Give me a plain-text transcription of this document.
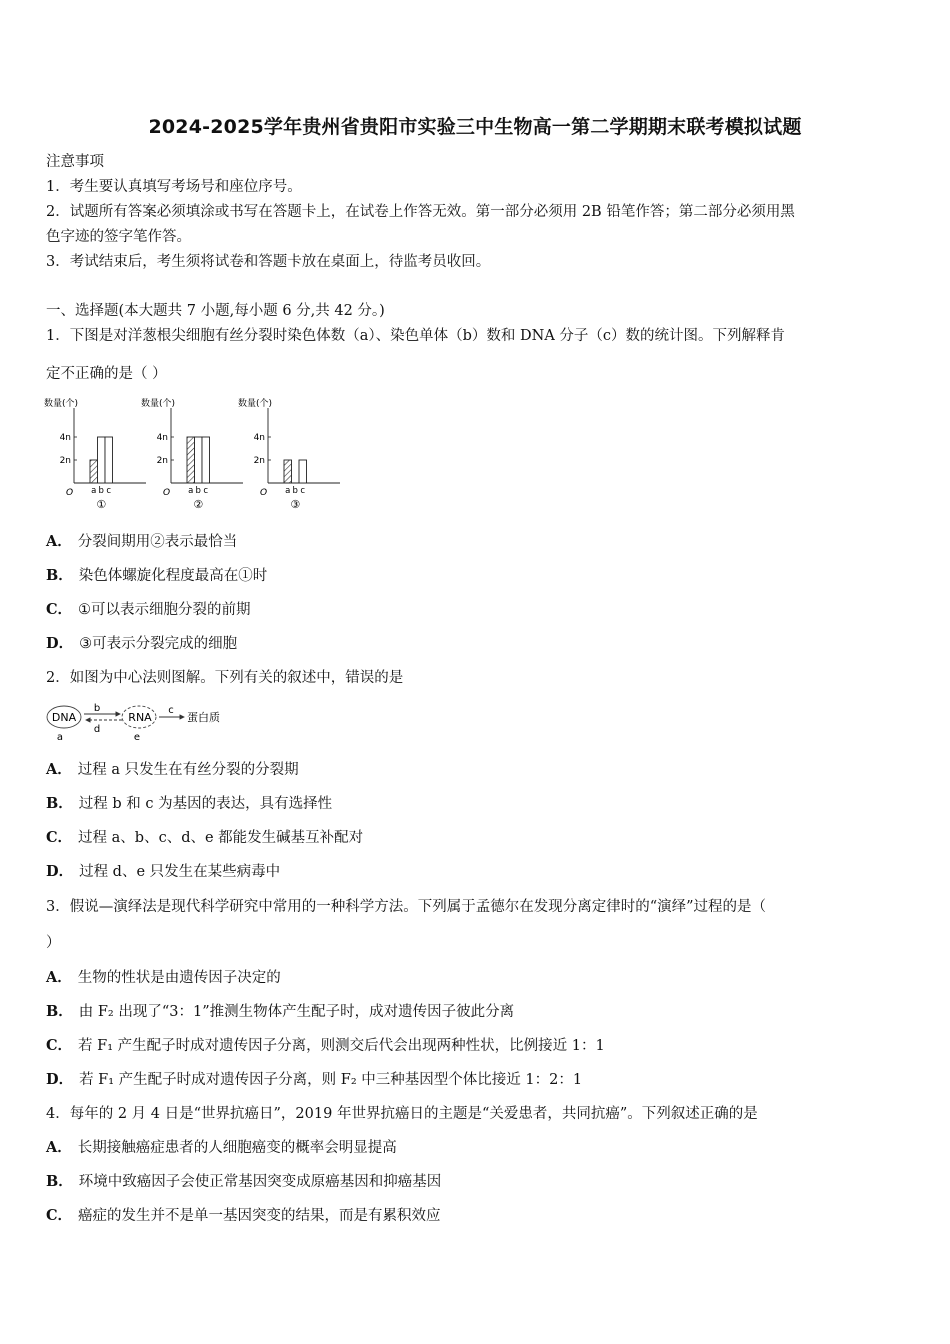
2024-2025学年贵州省贵阳市实验三中生物高一第二学期期末联考模拟试题
注意事项
1．考生要认真填写考场号和座位序号。
2．试题所有答案必须填涂或书写在答题卡上，在试卷上作答无效。第一部分必须用 2B 铅笔作答；第二部分必须用黑
色字迹的签字笔作答。
3．考试结束后，考生须将试卷和答题卡放在桌面上，待监考员收回。
一、选择题(本大题共 7 小题,每小题 6 分,共 42 分。)
1．下图是对洋葱根尖细胞有丝分裂时染色体数（a）、染色单体（b）数和 DNA 分子（c）数的统计图。下列解释肯
定不正确的是（ ）
数量(个)
O
2n
4n
a b c
①
数量(个)
O
2n
4n
a b c
②
数量(个)
O
2n
4n
a b c
③
A． 分裂间期用②表示最恰当
B． 染色体螺旋化程度最高在①时
C． ①可以表示细胞分裂的前期
D． ③可表示分裂完成的细胞
2．如图为中心法则图解。下列有关的叙述中，错误的是
DNA
a
b
d
RNA
e
c
蛋白质
A． 过程 a 只发生在有丝分裂的分裂期
B． 过程 b 和 c 为基因的表达，具有选择性
C． 过程 a、b、c、d、e 都能发生碱基互补配对
D． 过程 d、e 只发生在某些病毒中
3．假说—演绎法是现代科学研究中常用的一种科学方法。下列属于孟德尔在发现分离定律时的“演绎”过程的是（
）
A． 生物的性状是由遗传因子决定的
B． 由 F₂ 出现了“3：1”推测生物体产生配子时，成对遗传因子彼此分离
C． 若 F₁ 产生配子时成对遗传因子分离，则测交后代会出现两种性状，比例接近 1：1
D． 若 F₁ 产生配子时成对遗传因子分离，则 F₂ 中三种基因型个体比接近 1：2：1
4．每年的 2 月 4 日是“世界抗癌日”，2019 年世界抗癌日的主题是“关爱患者，共同抗癌”。下列叙述正确的是
A． 长期接触癌症患者的人细胞癌变的概率会明显提高
B． 环境中致癌因子会使正常基因突变成原癌基因和抑癌基因
C． 癌症的发生并不是单一基因突变的结果，而是有累积效应
